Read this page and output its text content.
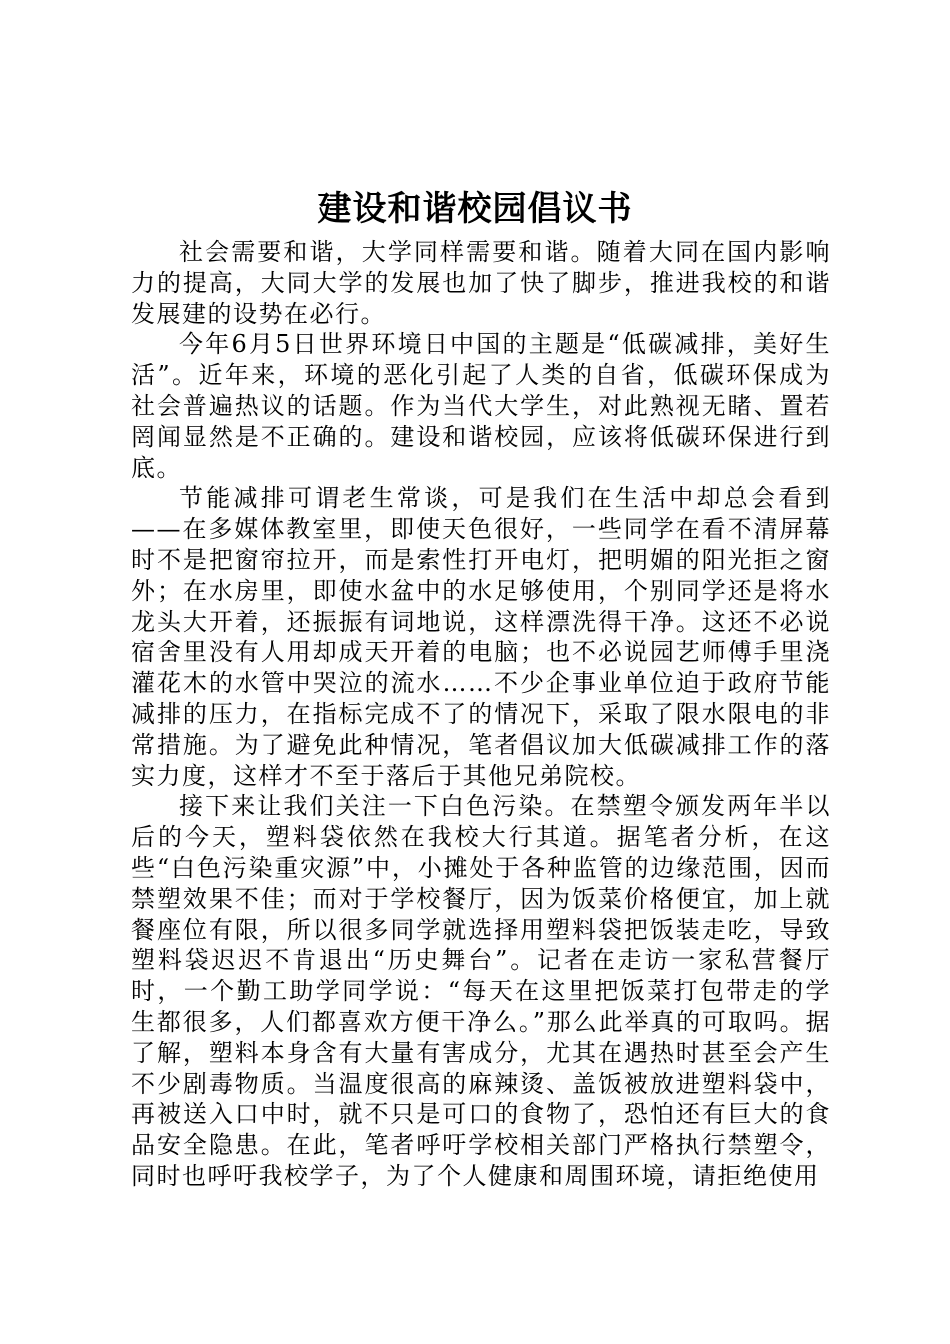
建设和谐校园倡议书

社会需要和谐，大学同样需要和谐。随着大同在国内影响力的提高，大同大学的发展也加了快了脚步，推进我校的和谐发展建的设势在必行。

今年6月5日世界环境日中国的主题是“低碳减排，美好生活”。近年来，环境的恶化引起了人类的自省，低碳环保成为社会普遍热议的话题。作为当代大学生，对此熟视无睹、置若罔闻显然是不正确的。建设和谐校园，应该将低碳环保进行到底。

节能减排可谓老生常谈，可是我们在生活中却总会看到——在多媒体教室里，即使天色很好，一些同学在看不清屏幕时不是把窗帘拉开，而是索性打开电灯，把明媚的阳光拒之窗外；在水房里，即使水盆中的水足够使用，个别同学还是将水龙头大开着，还振振有词地说，这样漂洗得干净。这还不必说宿舍里没有人用却成天开着的电脑；也不必说园艺师傅手里浇灌花木的水管中哭泣的流水……不少企事业单位迫于政府节能减排的压力，在指标完成不了的情况下，采取了限水限电的非常措施。为了避免此种情况，笔者倡议加大低碳减排工作的落实力度，这样才不至于落后于其他兄弟院校。

接下来让我们关注一下白色污染。在禁塑令颁发两年半以后的今天，塑料袋依然在我校大行其道。据笔者分析，在这些“白色污染重灾源”中，小摊处于各种监管的边缘范围，因而禁塑效果不佳；而对于学校餐厅，因为饭菜价格便宜，加上就餐座位有限，所以很多同学就选择用塑料袋把饭装走吃，导致塑料袋迟迟不肯退出“历史舞台”。记者在走访一家私营餐厅时，一个勤工助学同学说：“每天在这里把饭菜打包带走的学生都很多，人们都喜欢方便干净么。”那么此举真的可取吗。据了解，塑料本身含有大量有害成分，尤其在遇热时甚至会产生不少剧毒物质。当温度很高的麻辣烫、盖饭被放进塑料袋中，再被送入口中时，就不只是可口的食物了，恐怕还有巨大的食品安全隐患。在此，笔者呼吁学校相关部门严格执行禁塑令，同时也呼吁我校学子，为了个人健康和周围环境，请拒绝使用
